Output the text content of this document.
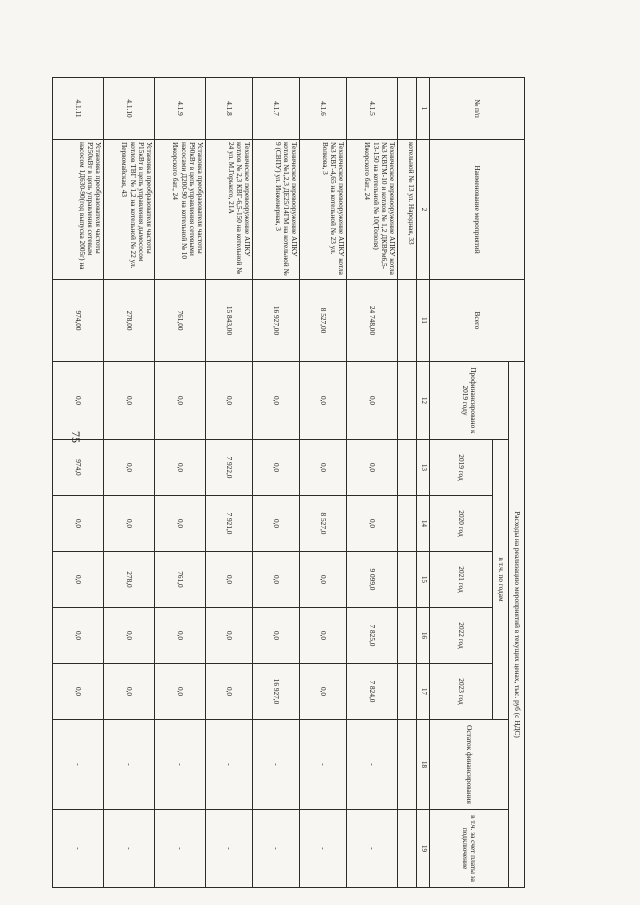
75
№ п/п	Наименование мероприятий	Всего	Расходы на реализацию мероприятий в текущих ценах, тыс. руб (с НДС)							
			Профинансировано к 2019 году	в т.ч. по годам					Остаток финансирования	в т.ч. за счет платы за подключение
				2019 год	2020 год	2021 год	2022 год	2023 год		
1	2	11	12	13	14	15	16	17	18	19
	котельной № 13 ул. Народная, 33									
4.1.5	Техническое перевооружение АПКУ котла №3 КВГМ-10 и котлов № 1,2 ДКВРм6,5-13-150 на котельной № 10(Тополя) Ижорского бат., 24	24 748,00	0,0	0,0	0,0	9 099,0	7 825,0	7 824,0	-	-
4.1.6	Техническое перевооружение АПКУ котла №3 КВГ-4,65 на котельной № 23 ул. Волкова, 3	8 527,00	0,0	0,0	8 527,0	0,0	0,0	0,0	-	-
4.1.7	Техническое перевооружение АПКУ котлов №1,2,3 ДЕ25/14ГМ на котельной № 9 (СВПУ) ул. Инженерная, 3	16 927,00	0,0	0,0	0,0	0,0	0,0	16 927,0	-	-
4.1.8	Техническое перевооружение АПКУ котлов № 2,3 КВГ-6,5-150 на котельной № 24 ул. М.Горького, 21А	15 843,00	0,0	7 922,0	7 921,0	0,0	0,0	0,0	-	-
4.1.9	Установка преобразователя частоты Р90кВт в цепь управления сетевыми насосами Д200-90 на котельной № 10 Ижорского бат., 24	761,00	0,0	0,0	0,0	761,0	0,0	0,0	-	-
4.1.10	Установка преобразователя частоты Р15кВт в цепь управления дымососом котлов ТВГ № 1,2 на котельной № 22 ул. Первомайская, 43	278,00	0,0	0,0	0,0	278,0	0,0	0,0	-	-
4.1.11	Установка преобразователя частоты Р250кВт в цепь управления сетевым насосом 1Д630-90(год выпуска 2005г) на	974,00	0,0	974,0	0,0	0,0	0,0	0,0	-	-
